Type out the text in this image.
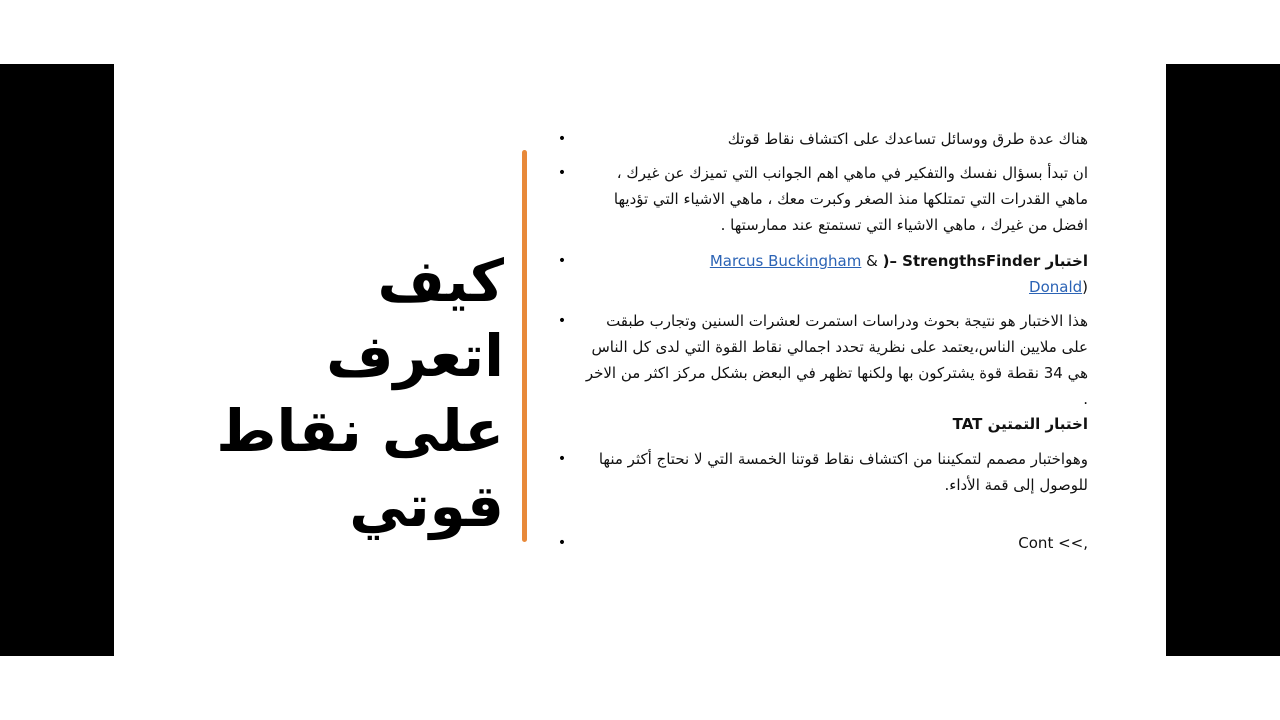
كيف اتعرف
على نقاط
قوتي
•	هناك عدة طرق ووسائل تساعدك على اكتشاف نقاط قوتك
•	ان تبدأ بسؤال نفسك والتفكير في ماهي اهم الجوانب التي تميزك عن غيرك ، ماهي القدرات التي تمتلكها منذ الصغر وكبرت معك ، ماهي الاشياء التي تؤديها افضل من غيرك ، ماهي الاشياء التي تستمتع عند ممارستها .
•	Marcus Buckingham & اختبار StrengthsFinder –(
Donald)
•	هذا الاختبار هو نتيجة بحوث ودراسات استمرت لعشرات السنين وتجارب طبقت على ملايين الناس،يعتمد على نظرية تحدد اجمالي نقاط القوة التي لدى كل الناس هي 34 نقطة قوة يشتركون بها ولكنها تظهر في البعض بشكل مركز اكثر من الاخر .
اختبار التمتين TAT
•	وهواختبار مصمم لتمكيننا من اكتشاف نقاط قوتنا الخمسة التي لا نحتاج أكثر منها للوصول إلى قمة الأداء.
•	Cont <<,
